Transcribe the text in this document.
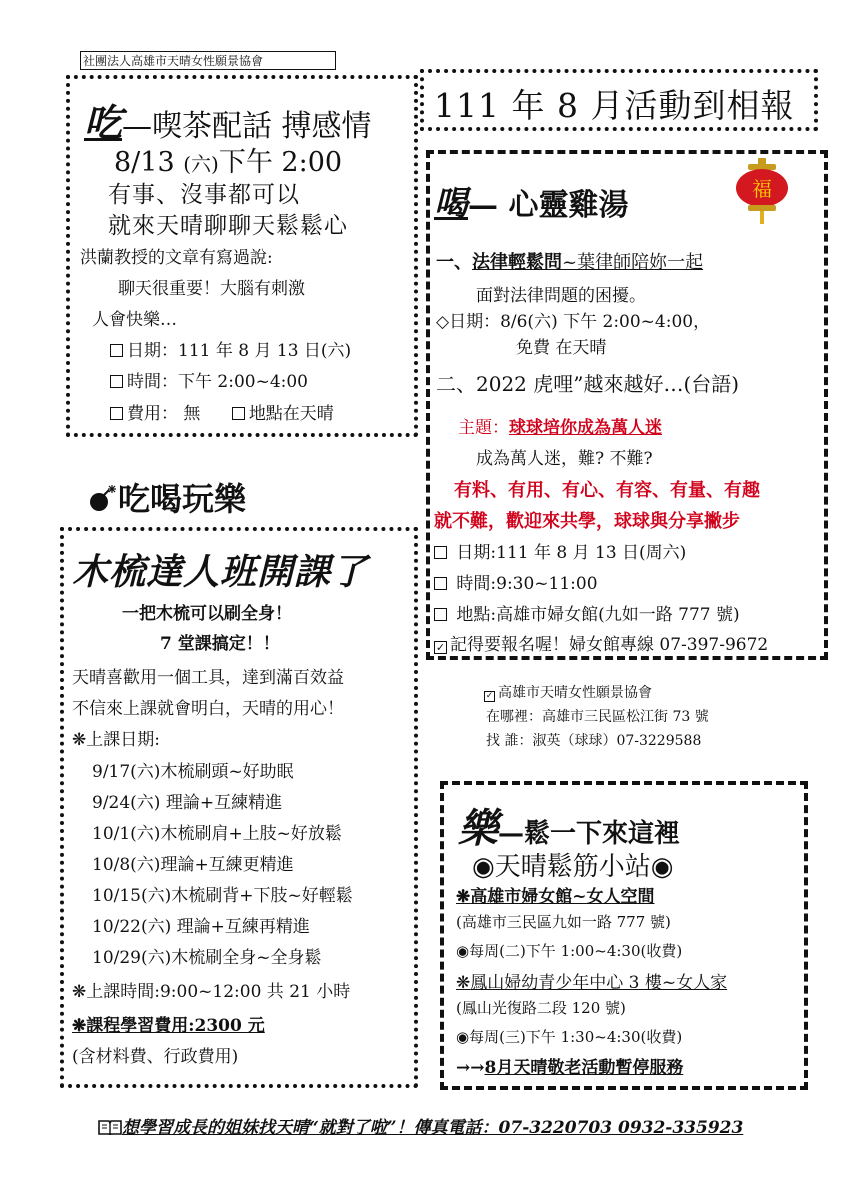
社團法人高雄市天晴女性願景協會
吃—喫茶配話 搏感情
8/13 (六)下午 2:00
有事、沒事都可以
就來天晴聊聊天鬆鬆心
洪蘭教授的文章有寫過說:
聊天很重要！大腦有刺激
人會快樂…
日期：111 年 8 月 13 日(六)
時間：下午 2:00~4:00
費用： 無	地點在天晴
111 年 8 月活動到相報
吃喝玩樂
喝— 心靈雞湯	福
一、法律輕鬆問~葉律師陪妳一起
面對法律問題的困擾。
◇日期：8/6(六) 下午 2:00~4:00，
免費 在天晴
二、2022 虎哩”越來越好…(台語)
主題：球球培你成為萬人迷
成為萬人迷，難? 不難?
有料、有用、有心、有容、有量、有趣
就不難，歡迎來共學，球球與分享撇步
日期:111 年 8 月 13 日(周六)
時間:9:30~11:00
地點:高雄市婦女館(九如一路 777 號)
✓ 記得要報名喔！婦女館專線 07-397-9672
✓ 高雄市天晴女性願景協會
在哪裡：高雄市三民區松江街 73 號
找 誰：淑英（球球）07-3229588
木梳達人班開課了
一把木梳可以刷全身！
7 堂課搞定！！
天晴喜歡用一個工具，達到滿百效益
不信來上課就會明白，天晴的用心！
❋上課日期:
9/17(六)木梳刷頭~好助眠
9/24(六) 理論+互練精進
10/1(六)木梳刷肩+上肢~好放鬆
10/8(六)理論+互練更精進
10/15(六)木梳刷背+下肢~好輕鬆
10/22(六) 理論+互練再精進
10/29(六)木梳刷全身~全身鬆
❋上課時間:9:00~12:00 共 21 小時
❋課程學習費用:2300 元
(含材料費、行政費用)
樂—鬆一下來這裡
◉天晴鬆筋小站◉
❋高雄市婦女館~女人空間
(高雄市三民區九如一路 777 號)
◉每周(二)下午 1:00~4:30(收費)
❋鳳山婦幼青少年中心 3 樓~女人家
(鳳山光復路二段 120 號)
◉每周(三)下午 1:30~4:30(收費)
→→8月天晴敬老活動暫停服務
想學習成長的姐妹找天晴“就對了啦”！傳真電話：07-3220703 0932-335923
